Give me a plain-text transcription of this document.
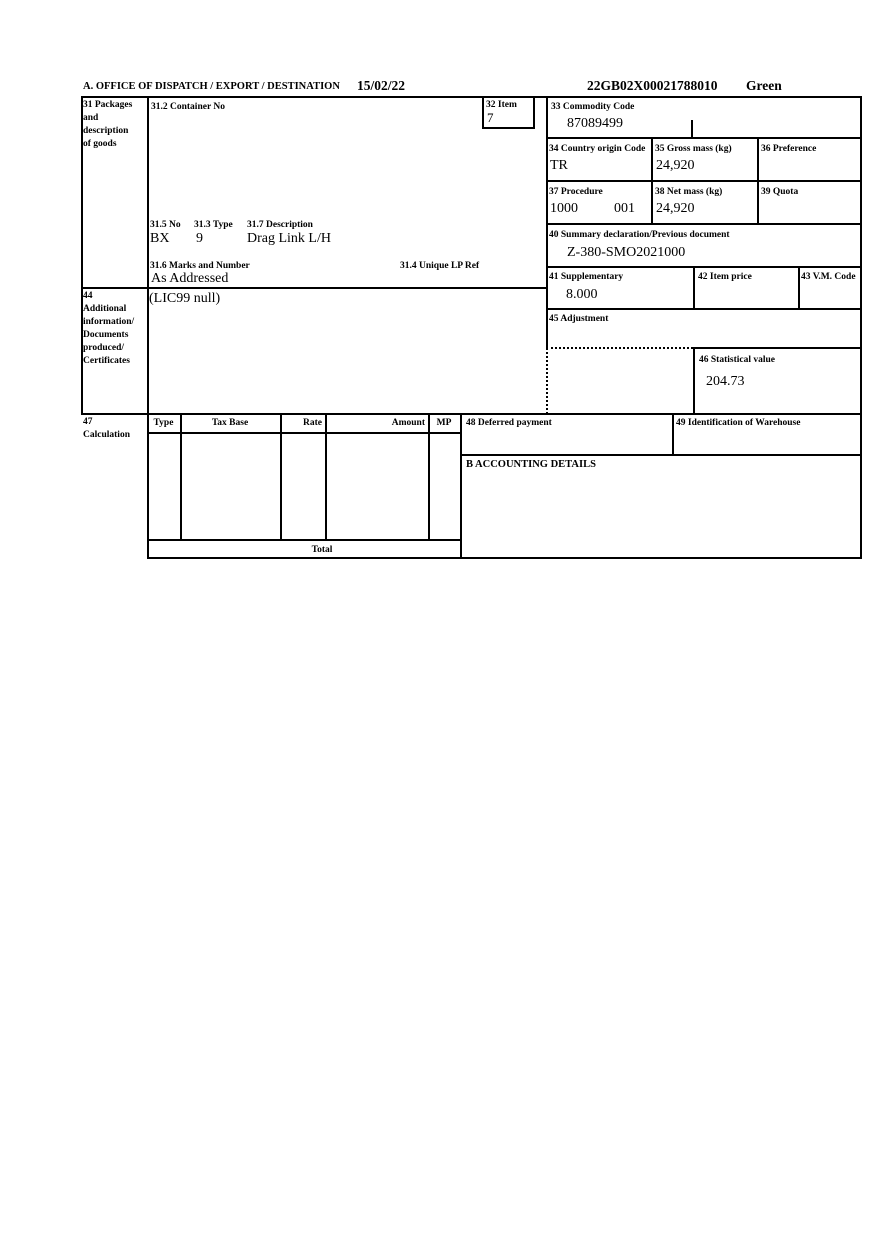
A. OFFICE OF DISPATCH / EXPORT / DESTINATION 15/02/22	22GB02X00021788010 Green
31 Packages
and
description
of goods
31.2 Container No
31.5 No 31.3 Type 31.7 Description
BX 9	Drag Link L/H
31.6 Marks and Number	31.4 Unique LP Ref
As Addressed
32 Item
7
33 Commodity Code
87089499
34 Country origin Code
TR
35 Gross mass (kg)
24,920
36 Preference
37 Procedure
1000	001
38 Net mass (kg)
24,920
39 Quota
40 Summary declaration/Previous document
Z-380-SMO2021000
41 Supplementary
8.000
42 Item price	43 V.M. Code
44
Additional
information/
Documents
produced/
Certificates
(LIC99 null)
45 Adjustment
46 Statistical value
204.73
47
Calculation
Type	Tax Base	Rate	Amount	MP
Total
48 Deferred payment	49 Identification of Warehouse
B ACCOUNTING DETAILS
